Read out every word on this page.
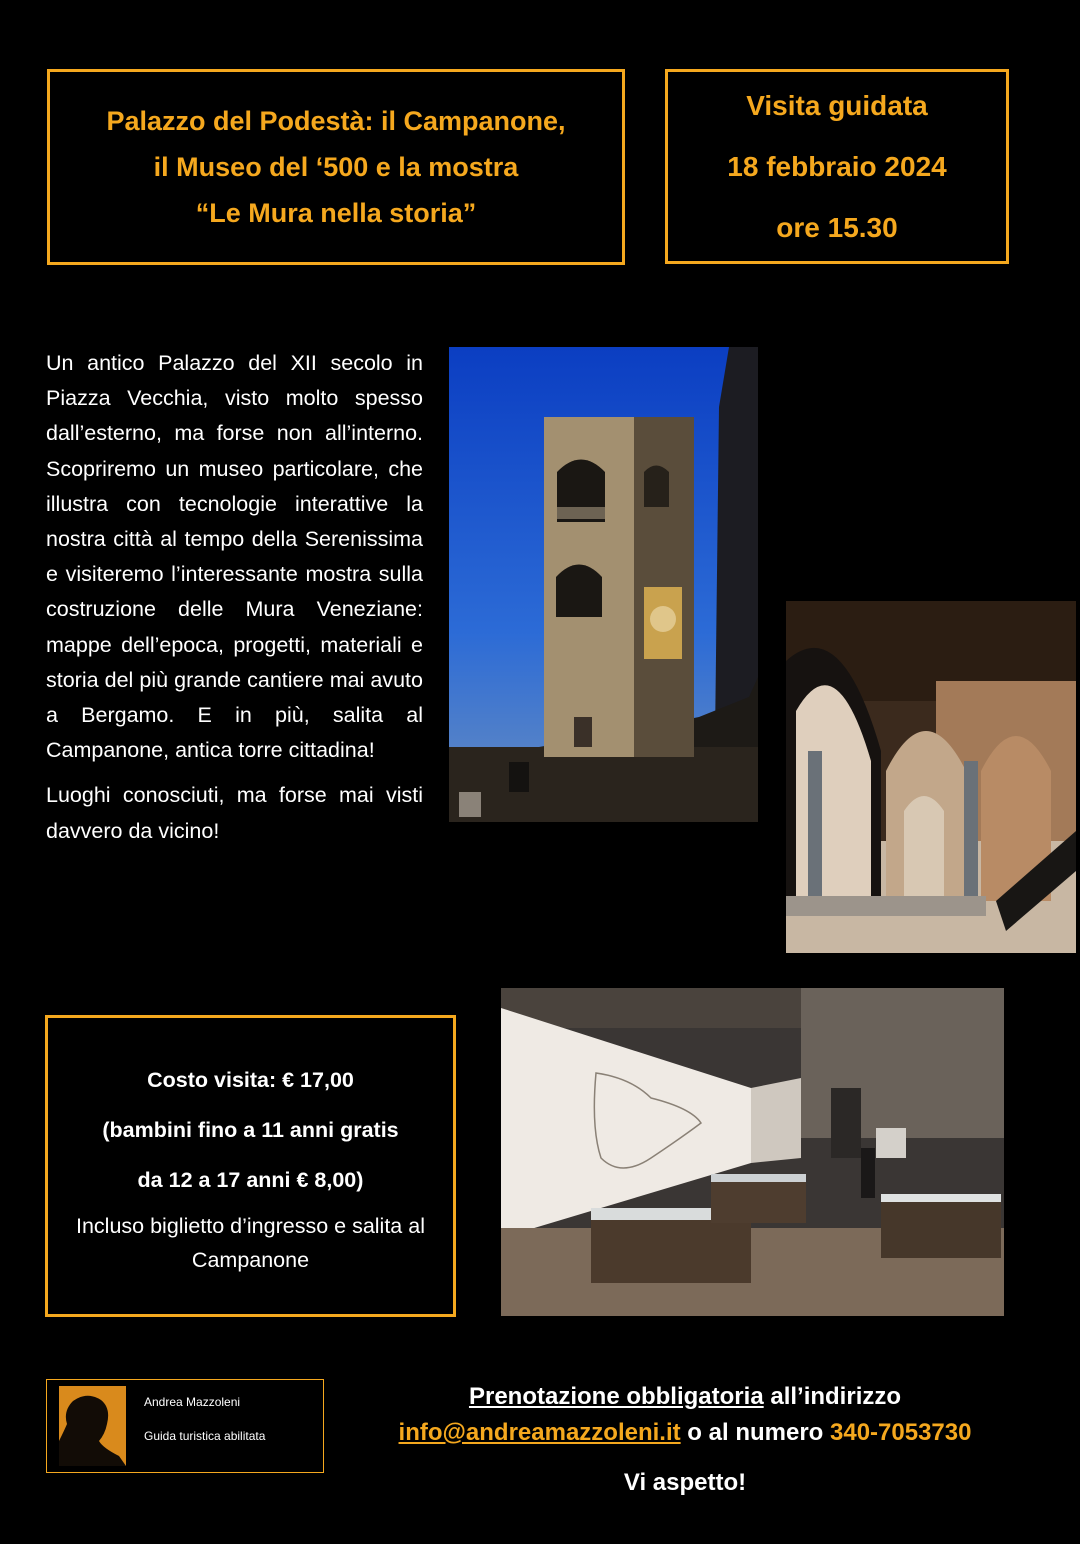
Palazzo del Podestà: il Campanone,
il Museo del ‘500 e la mostra
“Le Mura nella storia”
Visita guidata
18 febbraio 2024
ore 15.30

Un antico Palazzo del XII secolo in Piazza Vecchia, visto molto spesso dall’esterno, ma forse non all’interno. Scopriremo un museo particolare, che illustra con tecnologie interattive la nostra città al tempo della Serenissima e visiteremo l’interessante mostra sulla costruzione delle Mura Veneziane: mappe dell’epoca, progetti, materiali e storia del più grande cantiere mai avuto a Bergamo. E in più, salita al Campanone, antica torre cittadina!

Luoghi conosciuti, ma forse mai visti davvero da vicino!

Costo visita: € 17,00
(bambini fino a 11 anni gratis
da 12 a 17 anni € 8,00)
Incluso biglietto d’ingresso e salita al Campanone
Andrea Mazzoleni
Guida turistica abilitata
Prenotazione obbligatoria all’indirizzo
info@andreamazzoleni.it o al numero 340-7053730
Vi aspetto!
